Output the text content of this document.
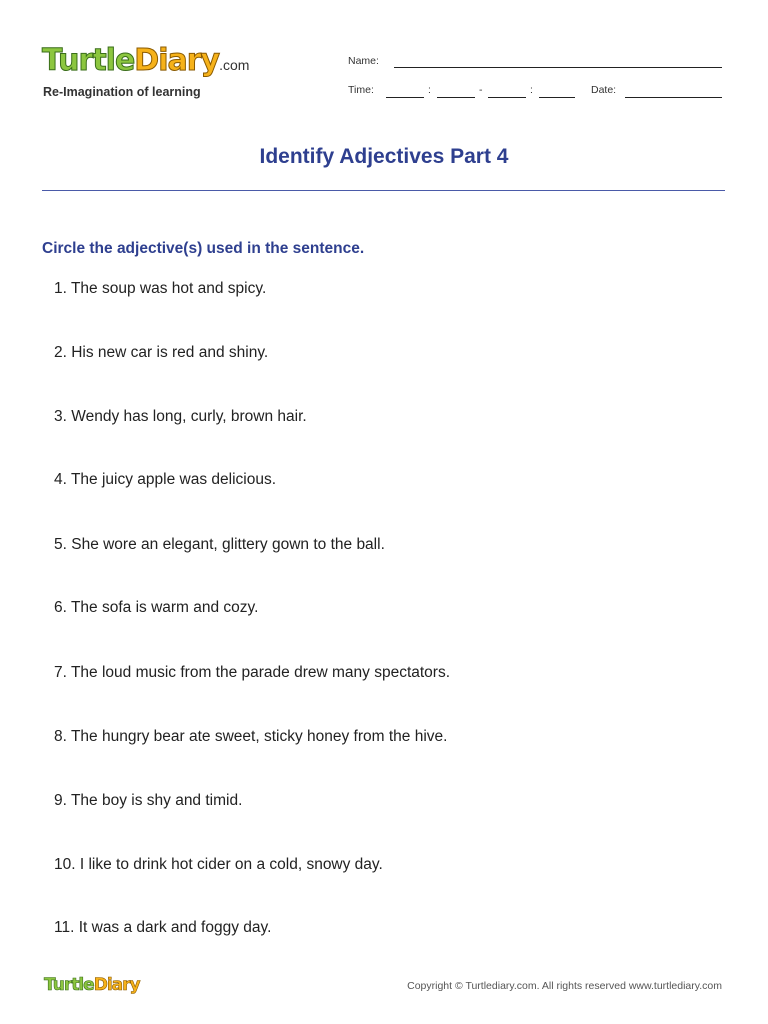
TurtleDiary.com
Re-Imagination of learning
Name:
Time:	:	-	:	Date:
Identify Adjectives Part 4
Circle the adjective(s) used in the sentence.
1. The soup was hot and spicy.
2. His new car is red and shiny.
3. Wendy has long, curly, brown hair.
4. The juicy apple was delicious.
5. She wore an elegant, glittery gown to the ball.
6. The sofa is warm and cozy.
7. The loud music from the parade drew many spectators.
8. The hungry bear ate sweet, sticky honey from the hive.
9. The boy is shy and timid.
10. I like to drink hot cider on a cold, snowy day.
11. It was a dark and foggy day.
TurtleDiary	Copyright © Turtlediary.com. All rights reserved www.turtlediary.com
